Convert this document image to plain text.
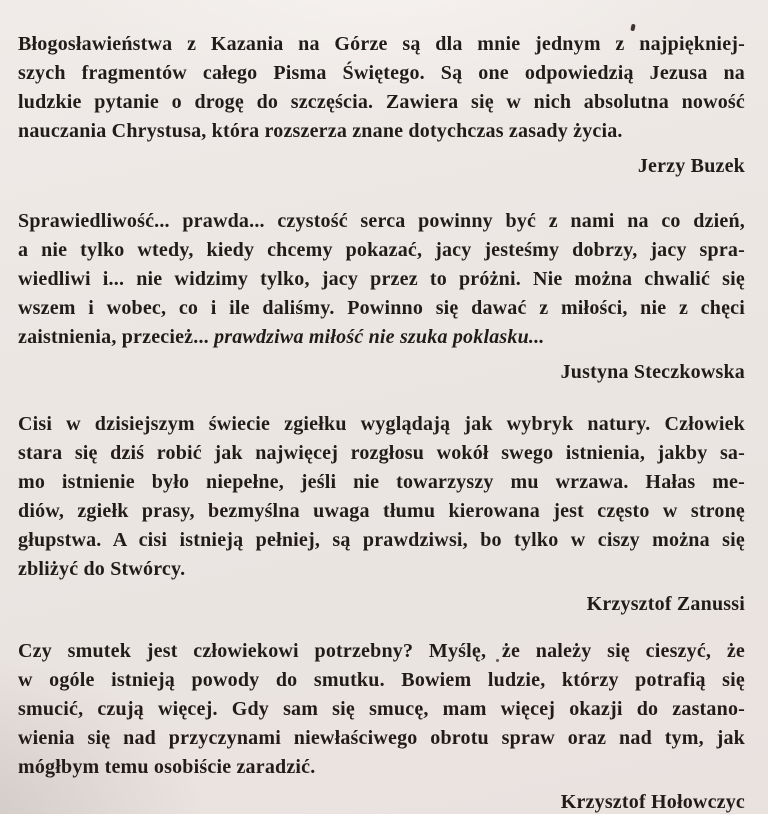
Błogosławieństwa z Kazania na Górze są dla mnie jednym z najpiękniej-
szych fragmentów całego Pisma Świętego. Są one odpowiedzią Jezusa na
ludzkie pytanie o drogę do szczęścia. Zawiera się w nich absolutna nowość
nauczania Chrystusa, która rozszerza znane dotychczas zasady życia.
Jerzy Buzek
Sprawiedliwość... prawda... czystość serca powinny być z nami na co dzień,
a nie tylko wtedy, kiedy chcemy pokazać, jacy jesteśmy dobrzy, jacy spra-
wiedliwi i... nie widzimy tylko, jacy przez to próżni. Nie można chwalić się
wszem i wobec, co i ile daliśmy. Powinno się dawać z miłości, nie z chęci
zaistnienia, przecież... prawdziwa miłość nie szuka poklasku...
Justyna Steczkowska
Cisi w dzisiejszym świecie zgiełku wyglądają jak wybryk natury. Człowiek
stara się dziś robić jak najwięcej rozgłosu wokół swego istnienia, jakby sa-
mo istnienie było niepełne, jeśli nie towarzyszy mu wrzawa. Hałas me-
diów, zgiełk prasy, bezmyślna uwaga tłumu kierowana jest często w stronę
głupstwa. A cisi istnieją pełniej, są prawdziwsi, bo tylko w ciszy można się
zbliżyć do Stwórcy.
Krzysztof Zanussi
Czy smutek jest człowiekowi potrzebny? Myślę, że należy się cieszyć, że
w ogóle istnieją powody do smutku. Bowiem ludzie, którzy potrafią się
smucić, czują więcej. Gdy sam się smucę, mam więcej okazji do zastano-
wienia się nad przyczynami niewłaściwego obrotu spraw oraz nad tym, jak
mógłbym temu osobiście zaradzić.
Krzysztof Hołowczyc
